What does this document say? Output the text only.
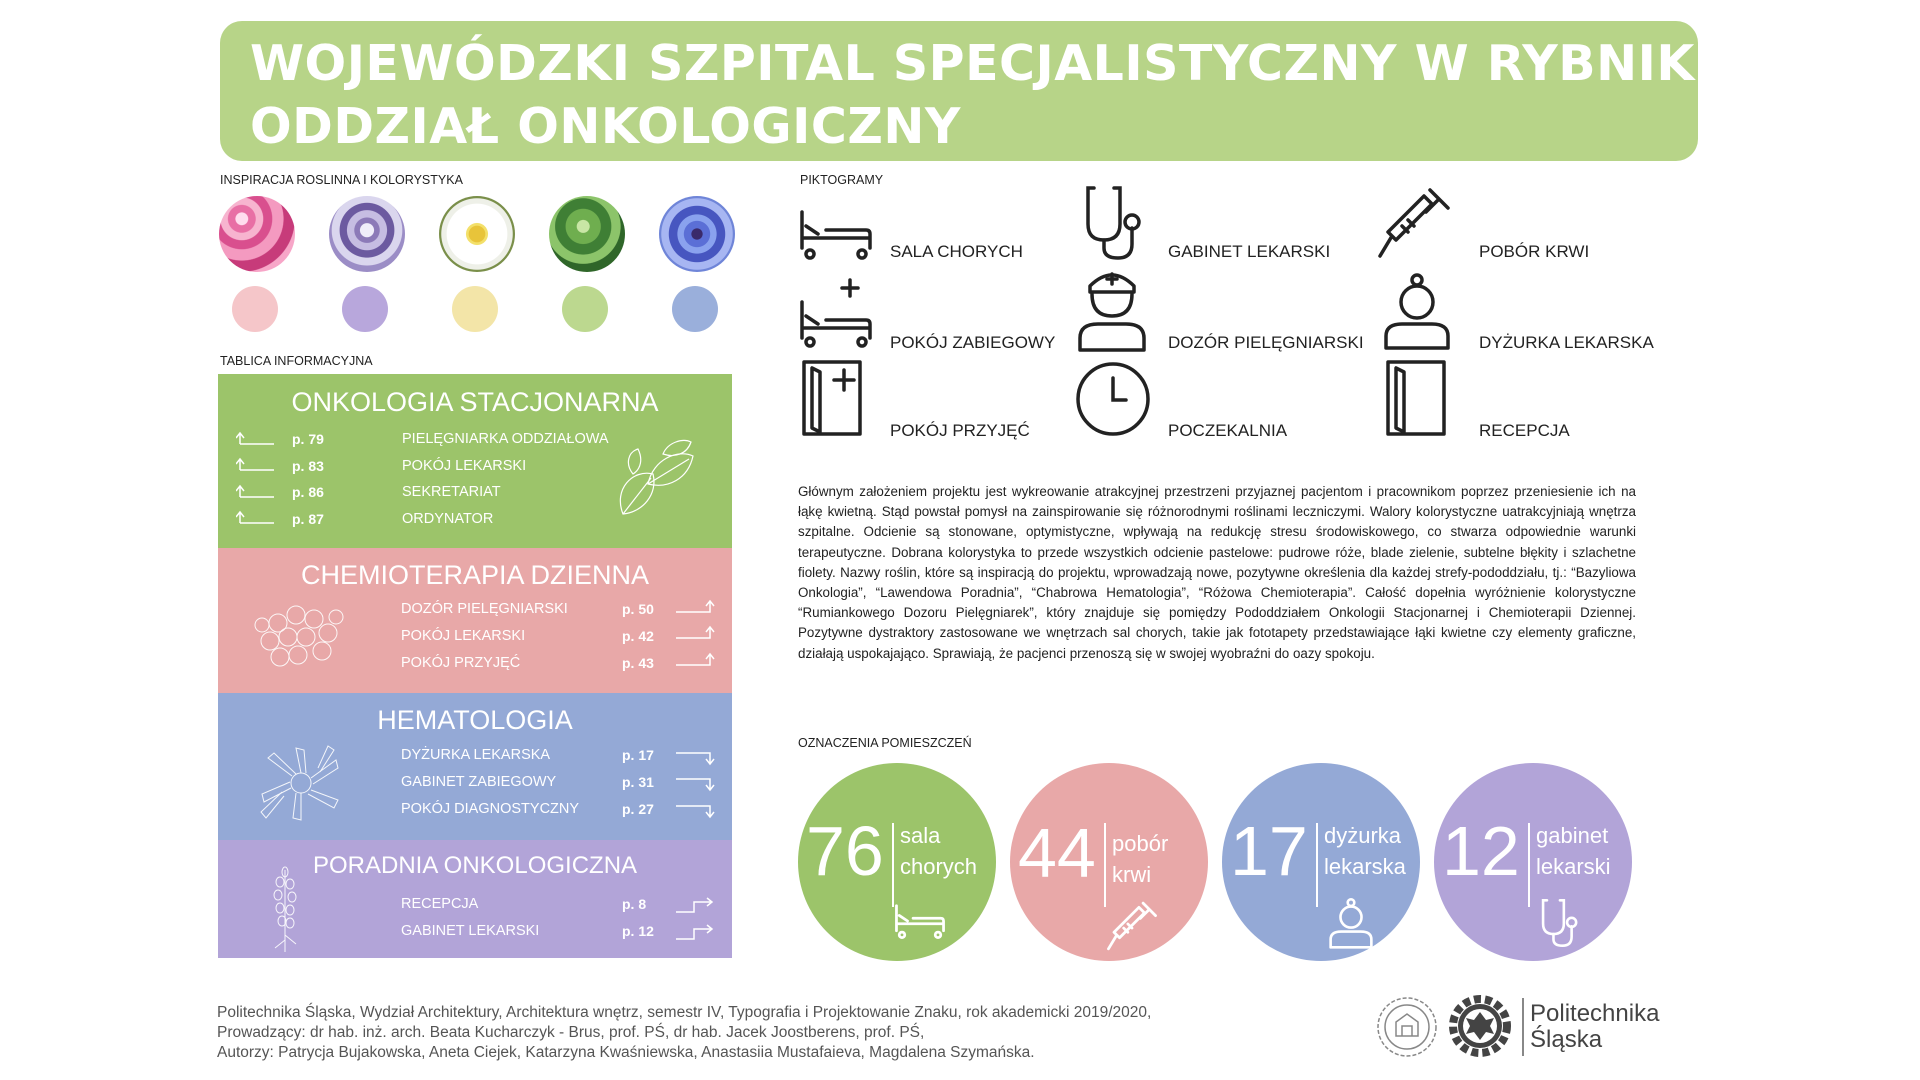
WOJEWÓDZKI SZPITAL SPECJALISTYCZNY W RYBNIKU
ODDZIAŁ ONKOLOGICZNY
INSPIRACJA ROSLINNA I KOLORYSTYKA
TABLICA INFORMACYJNA
ONKOLOGIA STACJONARNA
p. 79	PIELĘGNIARKA ODDZIAŁOWA
p. 83	POKÓJ LEKARSKI
p. 86	SEKRETARIAT
p. 87	ORDYNATOR
CHEMIOTERAPIA DZIENNA
DOZÓR PIELĘGNIARSKI	p. 50
POKÓJ LEKARSKI	p. 42
POKÓJ PRZYJĘĆ	p. 43
HEMATOLOGIA
DYŻURKA LEKARSKA	p. 17
GABINET ZABIEGOWY	p. 31
POKÓJ DIAGNOSTYCZNY	p. 27
PORADNIA ONKOLOGICZNA
RECEPCJA	p. 8
GABINET LEKARSKI	p. 12
PIKTOGRAMY
SALA CHORYCH	GABINET LEKARSKI	POBÓR KRWI
POKÓJ ZABIEGOWY	DOZÓR PIELĘGNIARSKI	DYŻURKA LEKARSKA
POKÓJ PRZYJĘĆ	POCZEKALNIA	RECEPCJA
Głównym założeniem projektu jest wykreowanie atrakcyjnej przestrzeni przyjaznej pacjentom i pracownikom poprzez przeniesienie ich na łąkę kwietną. Stąd powstał pomysł na zainspirowanie się różnorodnymi roślinami leczniczymi. Walory kolorystyczne uatrakcyjniają wnętrza szpitalne. Odcienie są stonowane, optymistyczne, wpływają na redukcję stresu środowiskowego, co stwarza odpowiednie warunki terapeutyczne. Dobrana kolorystyka to przede wszystkich odcienie pastelowe: pudrowe róże, blade zielenie, subtelne błękity i szlachetne fiolety. Nazwy roślin, które są inspiracją do projektu, wprowadzają nowe, pozytywne określenia dla każdej strefy-pododdziału, tj.: “Bazyliowa Onkologia”, “Lawendowa Poradnia”, “Chabrowa Hematologia”, “Różowa Chemioterapia”. Całość dopełnia wyróżnienie kolorystyczne “Rumiankowego Dozoru Pielęgniarek”, który znajduje się pomiędzy Pododdziałem Onkologii Stacjonarnej i Chemioterapii Dziennej. Pozytywne dystraktory zastosowane we wnętrzach sal chorych, takie jak fototapety przedstawiające łąki kwietne czy elementy graficzne, działają uspokajająco. Sprawiają, że pacjenci przenoszą się w swojej wyobraźni do oazy spokoju.
OZNACZENIA POMIESZCZEŃ
76 sala
chorych 44 pobór
krwi 17 dyżurka
lekarska 12 gabinet
lekarski
Politechnika Śląska, Wydział Architektury, Architektura wnętrz, semestr IV, Typografia i Projektowanie Znaku, rok akademicki 2019/2020,
Prowadzący: dr hab. inż. arch. Beata Kucharczyk - Brus, prof. PŚ, dr hab. Jacek Joostberens, prof. PŚ,
Autorzy: Patrycja Bujakowska, Aneta Ciejek, Katarzyna Kwaśniewska, Anastasiia Mustafaieva, Magdalena Szymańska.
Politechnika
Śląska
